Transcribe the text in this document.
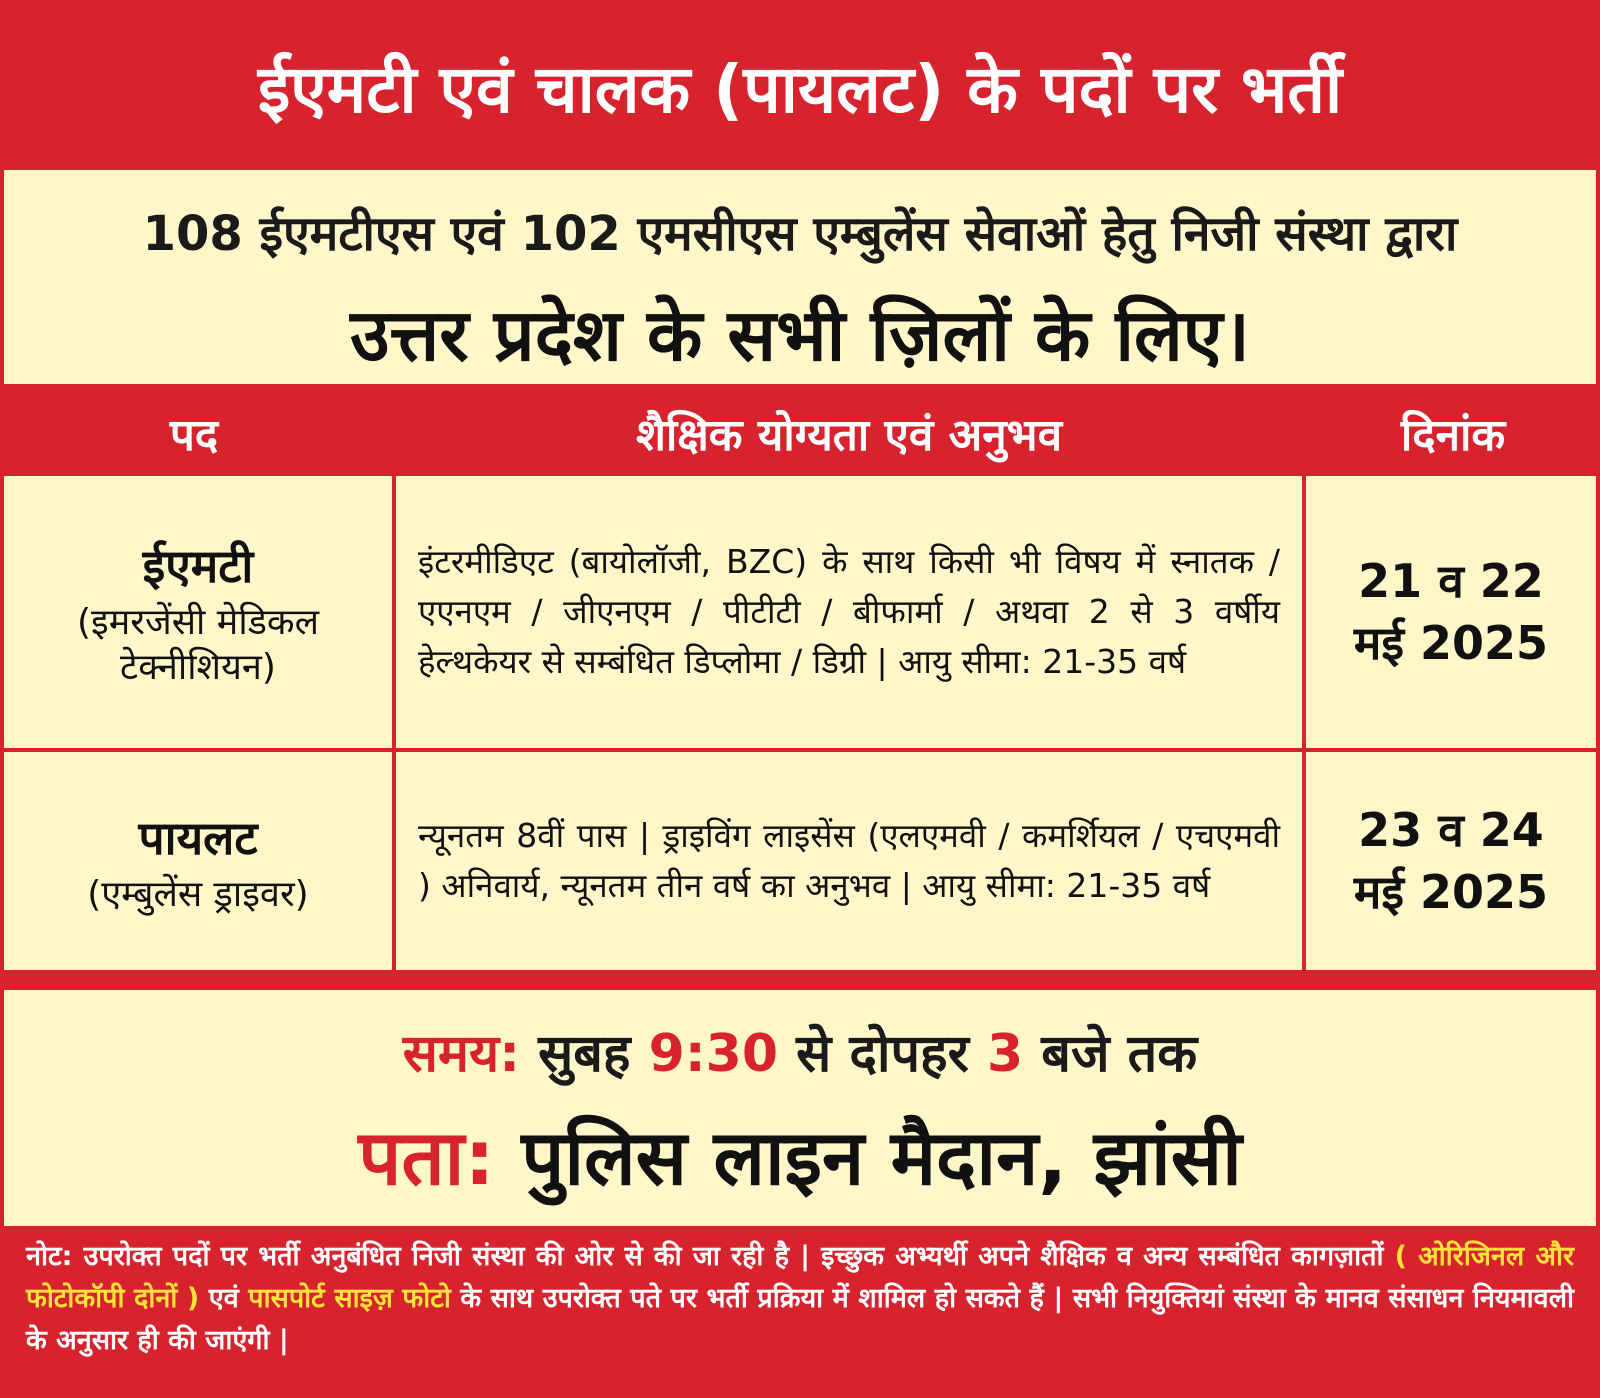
ईएमटी एवं चालक (पायलट) के पदों पर भर्ती
108 ईएमटीएस एवं 102 एमसीएस एम्बुलेंस सेवाओं हेतु निजी संस्था द्वारा
उत्तर प्रदेश के सभी ज़िलों के लिए।
पद	शैक्षिक योग्यता एवं अनुभव	दिनांक
ईएमटी
(इमरजेंसी मेडिकल टेक्नीशियन)
इंटरमीडिएट (बायोलॉजी, BZC) के साथ किसी भी विषय में स्नातक / एएनएम / जीएनएम / पीटीटी / बीफार्मा / अथवा 2 से 3 वर्षीय हेल्थकेयर से सम्बंधित डिप्लोमा / डिग्री | आयु सीमा: 21-35 वर्ष
21 व 22
मई 2025
पायलट
(एम्बुलेंस ड्राइवर)
न्यूनतम 8वीं पास | ड्राइविंग लाइसेंस (एलएमवी / कमर्शियल / एचएमवी ) अनिवार्य, न्यूनतम तीन वर्ष का अनुभव | आयु सीमा: 21-35 वर्ष
23 व 24
मई 2025
समय: सुबह 9:30 से दोपहर 3 बजे तक
पता: पुलिस लाइन मैदान, झांसी
नोट: उपरोक्त पदों पर भर्ती अनुबंधित निजी संस्था की ओर से की जा रही है | इच्छुक अभ्यर्थी अपने शैक्षिक व अन्य सम्बंधित कागज़ातों ( ओरिजिनल और फोटोकॉपी दोनों ) एवं पासपोर्ट साइज़ फोटो के साथ उपरोक्त पते पर भर्ती प्रक्रिया में शामिल हो सकते हैं | सभी नियुक्तियां संस्था के मानव संसाधन नियमावली के अनुसार ही की जाएंगी |
